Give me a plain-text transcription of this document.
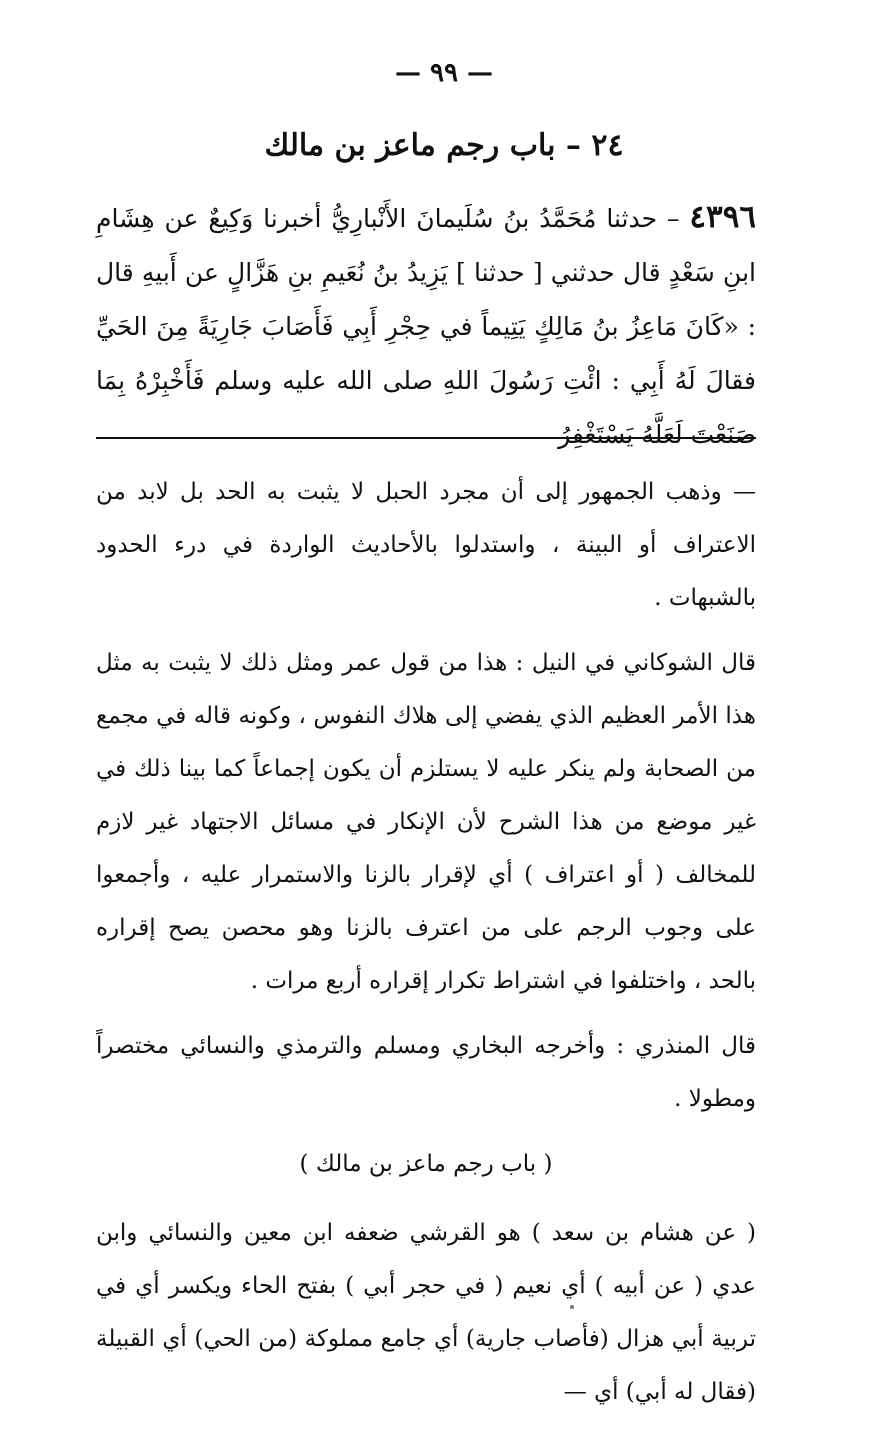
— ٩٩ —
٢٤ – باب رجم ماعز بن مالك
٤٣٩٦ – حدثنا مُحَمَّدُ بنُ سُلَيمانَ الأَنْبارِيُّ أخبرنا وَكِيعٌ عن هِشَامِ ابنِ سَعْدٍ قال حدثني [ حدثنا ] يَزِيدُ بنُ نُعَيمِ بنِ هَزَّالٍ عن أَبيهِ قال : «كَانَ مَاعِزُ بنُ مَالِكٍ يَتِيماً في حِجْرِ أَبِي فَأَصَابَ جَارِيَةً مِنَ الحَيِّ فقالَ لَهُ أَبِي : ائْتِ رَسُولَ اللهِ صلى الله عليه وسلم فَأَخْبِرْهُ بِمَا صَنَعْتَ لَعَلَّهُ يَسْتَغْفِرُ

— وذهب الجمهور إلى أن مجرد الحبل لا يثبت به الحد بل لابد من الاعتراف أو البينة ، واستدلوا بالأحاديث الواردة في درء الحدود بالشبهات .

قال الشوكاني في النيل : هذا من قول عمر ومثل ذلك لا يثبت به مثل هذا الأمر العظيم الذي يفضي إلى هلاك النفوس ، وكونه قاله في مجمع من الصحابة ولم ينكر عليه لا يستلزم أن يكون إجماعاً كما بينا ذلك في غير موضع من هذا الشرح لأن الإنكار في مسائل الاجتهاد غير لازم للمخالف ( أو اعتراف ) أي لإقرار بالزنا والاستمرار عليه ، وأجمعوا على وجوب الرجم على من اعترف بالزنا وهو محصن يصح إقراره بالحد ، واختلفوا في اشتراط تكرار إقراره أربع مرات .

قال المنذري : وأخرجه البخاري ومسلم والترمذي والنسائي مختصراً ومطولا .

( باب رجم ماعز بن مالك )

( عن هشام بن سعد ) هو القرشي ضعفه ابن معين والنسائي وابن عدي ( عن أبيه ) أي نعيم ( في حجر أبي ) بفتح الحاء ويكسر أي في تربية أبي هزال (فأصاب جارية) أي جامع مملوكة (من الحي) أي القبيلة (فقال له أبي) أي —
